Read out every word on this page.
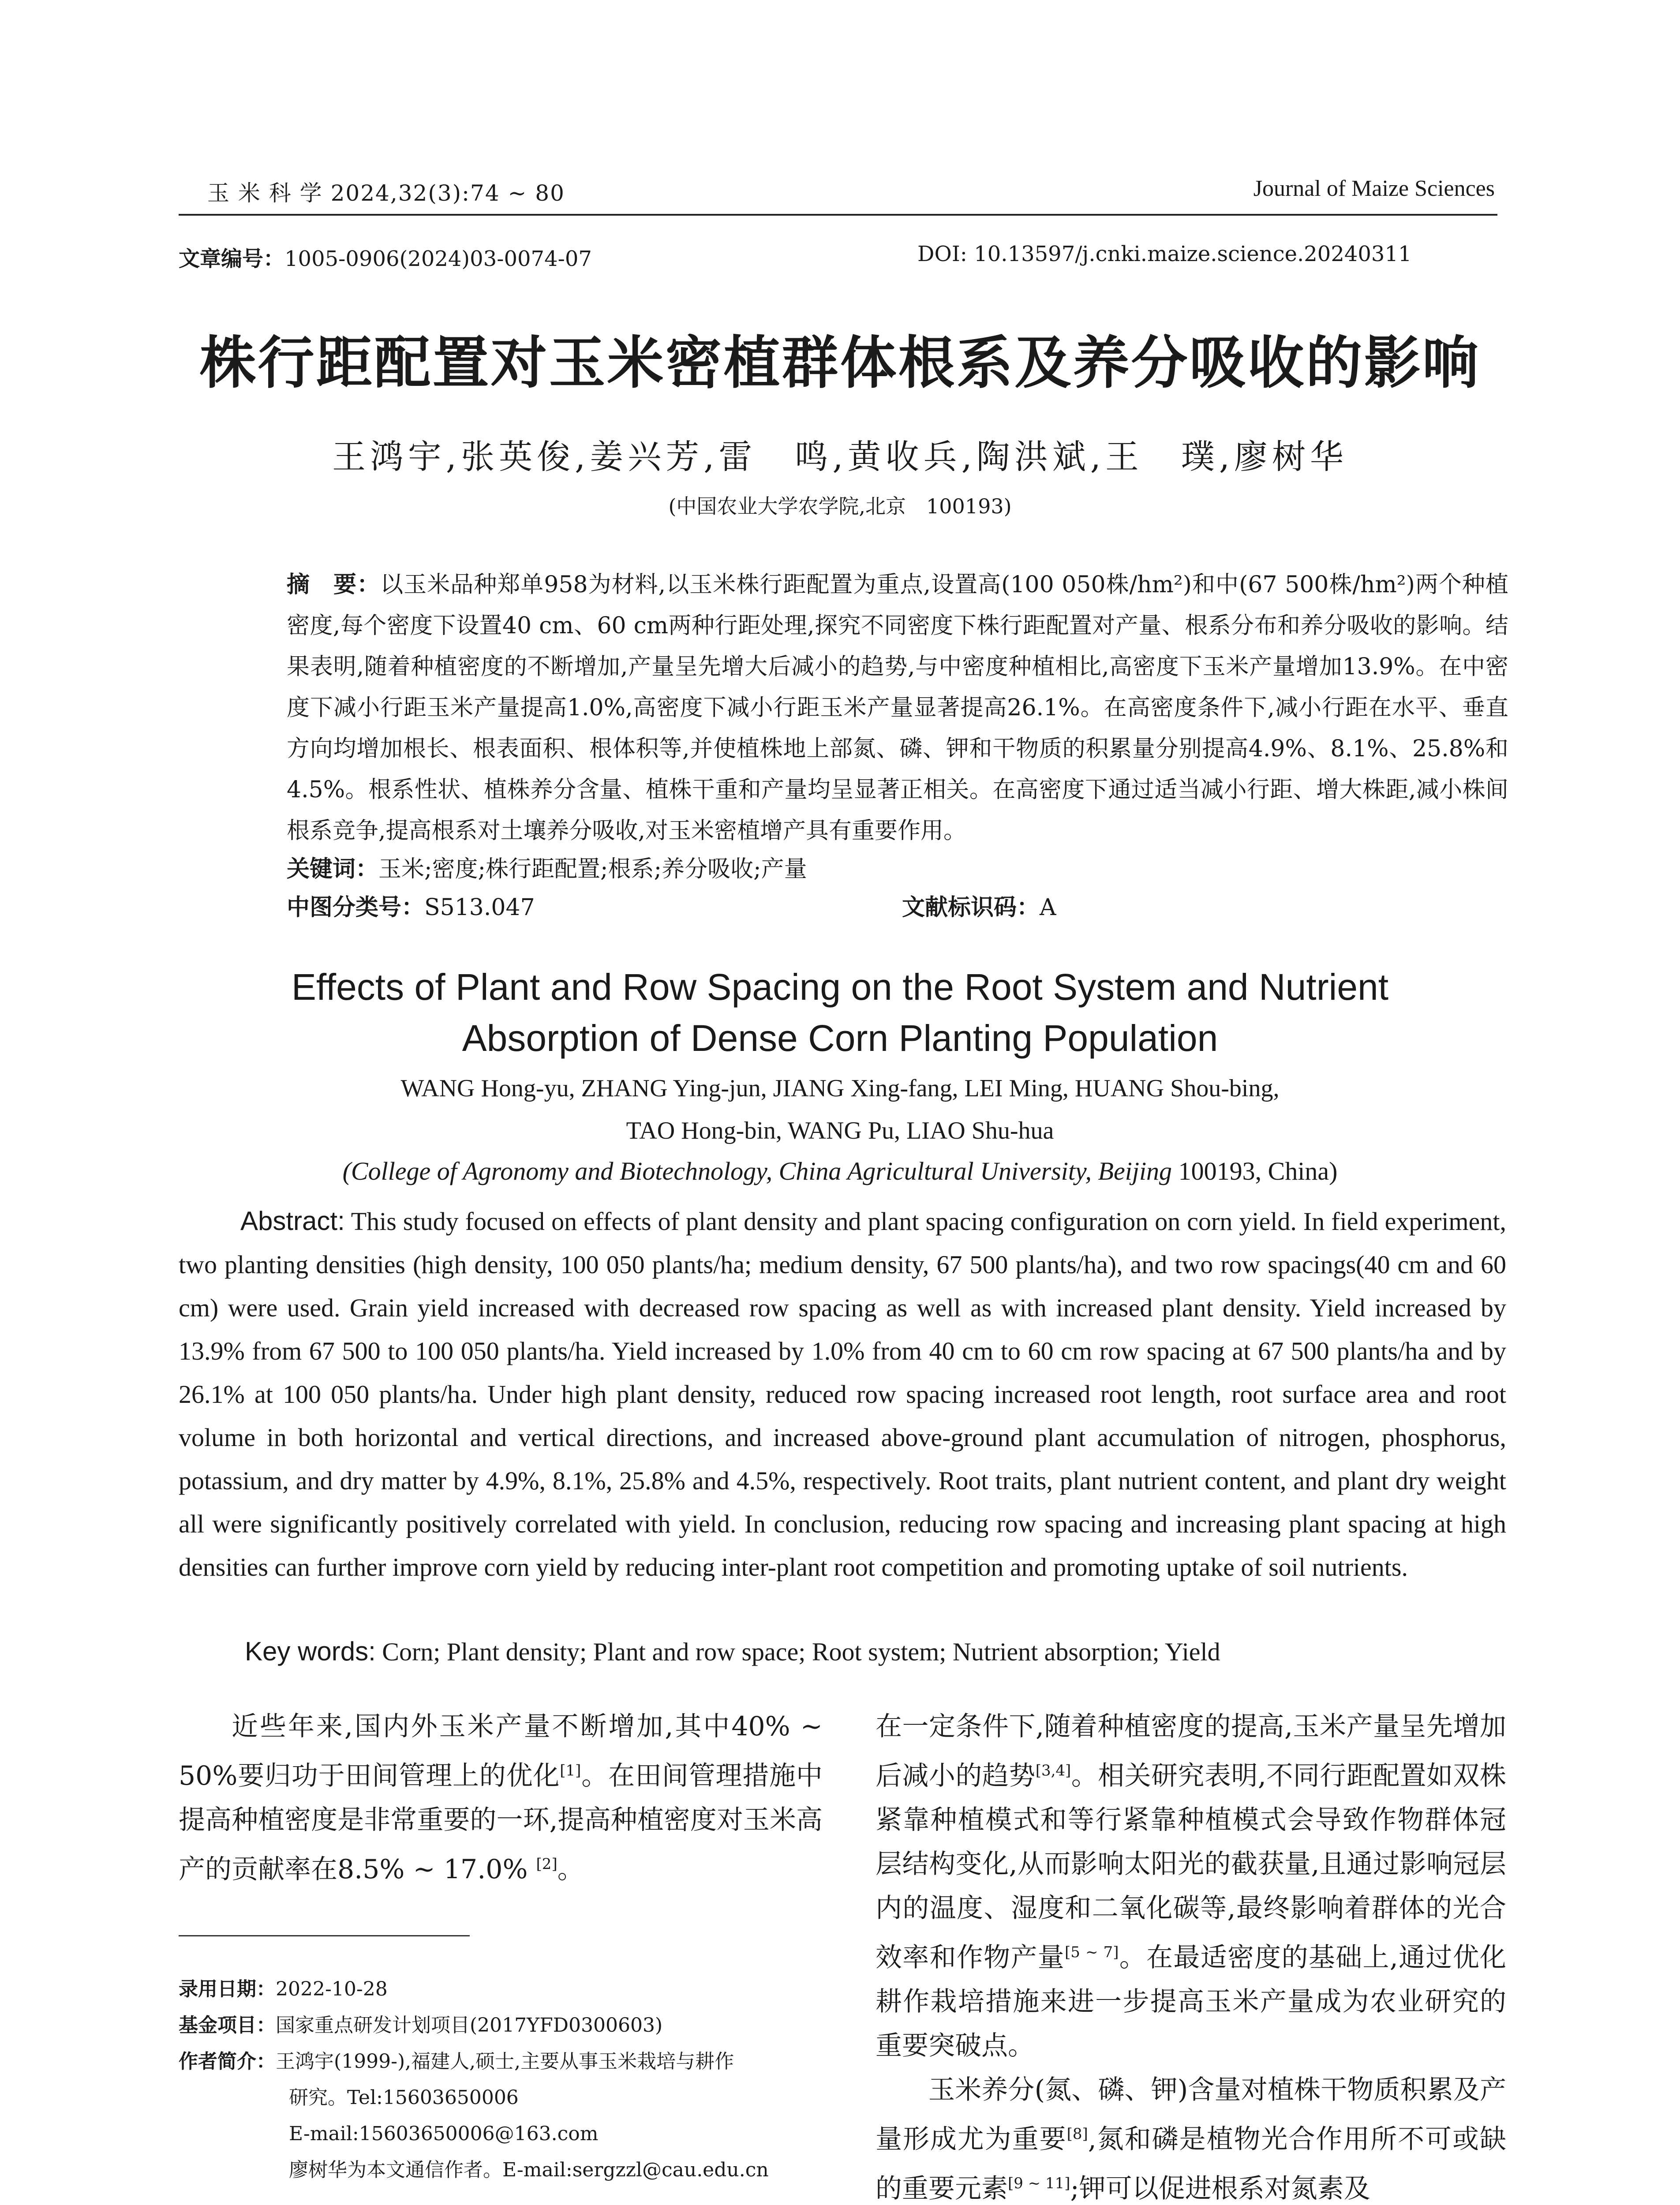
玉 米 科 学 2024,32(3):74 ~ 80	Journal of Maize Sciences
文章编号：1005-0906(2024)03-0074-07	DOI: 10.13597/j.cnki.maize.science.20240311
株行距配置对玉米密植群体根系及养分吸收的影响
王鸿宇,张英俊,姜兴芳,雷　鸣,黄收兵,陶洪斌,王　璞,廖树华
(中国农业大学农学院,北京　100193)
摘　要：以玉米品种郑单958为材料,以玉米株行距配置为重点,设置高(100 050株/hm²)和中(67 500株/hm²)两个种植密度,每个密度下设置40 cm、60 cm两种行距处理,探究不同密度下株行距配置对产量、根系分布和养分吸收的影响。结果表明,随着种植密度的不断增加,产量呈先增大后减小的趋势,与中密度种植相比,高密度下玉米产量增加13.9%。在中密度下减小行距玉米产量提高1.0%,高密度下减小行距玉米产量显著提高26.1%。在高密度条件下,减小行距在水平、垂直方向均增加根长、根表面积、根体积等,并使植株地上部氮、磷、钾和干物质的积累量分别提高4.9%、8.1%、25.8%和4.5%。根系性状、植株养分含量、植株干重和产量均呈显著正相关。在高密度下通过适当减小行距、增大株距,减小株间根系竞争,提高根系对土壤养分吸收,对玉米密植增产具有重要作用。
关键词：玉米;密度;株行距配置;根系;养分吸收;产量
中图分类号：S513.047	文献标识码：A
Effects of Plant and Row Spacing on the Root System and Nutrient
Absorption of Dense Corn Planting Population
WANG Hong-yu, ZHANG Ying-jun, JIANG Xing-fang, LEI Ming, HUANG Shou-bing,
TAO Hong-bin, WANG Pu, LIAO Shu-hua
(College of Agronomy and Biotechnology, China Agricultural University, Beijing 100193, China)
Abstract: This study focused on effects of plant density and plant spacing configuration on corn yield. In field experiment, two planting densities (high density, 100 050 plants/ha; medium density, 67 500 plants/ha), and two row spacings(40 cm and 60 cm) were used. Grain yield increased with decreased row spacing as well as with increased plant density. Yield increased by 13.9% from 67 500 to 100 050 plants/ha. Yield increased by 1.0% from 40 cm to 60 cm row spacing at 67 500 plants/ha and by 26.1% at 100 050 plants/ha. Under high plant density, reduced row spacing increased root length, root surface area and root volume in both horizontal and vertical directions, and increased above-ground plant accumulation of nitrogen, phosphorus, potassium, and dry matter by 4.9%, 8.1%, 25.8% and 4.5%, respectively. Root traits, plant nutrient content, and plant dry weight all were significantly positively correlated with yield. In conclusion, reducing row spacing and increasing plant spacing at high densities can further improve corn yield by reducing inter-plant root competition and promoting uptake of soil nutrients.
Key words: Corn; Plant density; Plant and row space; Root system; Nutrient absorption; Yield

近些年来,国内外玉米产量不断增加,其中40% ~ 50%要归功于田间管理上的优化[1]。在田间管理措施中提高种植密度是非常重要的一环,提高种植密度对玉米高产的贡献率在8.5% ~ 17.0% [2]。

在一定条件下,随着种植密度的提高,玉米产量呈先增加后减小的趋势[3,4]。相关研究表明,不同行距配置如双株紧靠种植模式和等行紧靠种植模式会导致作物群体冠层结构变化,从而影响太阳光的截获量,且通过影响冠层内的温度、湿度和二氧化碳等,最终影响着群体的光合效率和作物产量[5 ~ 7]。在最适密度的基础上,通过优化耕作栽培措施来进一步提高玉米产量成为农业研究的重要突破点。

玉米养分(氮、磷、钾)含量对植株干物质积累及产量形成尤为重要[8],氮和磷是植物光合作用所不可或缺的重要元素[9 ~ 11];钾可以促进根系对氮素及

录用日期： 2022-10-28
基金项目： 国家重点研发计划项目(2017YFD0300603)
作者简介： 王鸿宇(1999-),福建人,硕士,主要从事玉米栽培与耕作
研究。Tel:15603650006
E-mail:15603650006@163.com
廖树华为本文通信作者。E-mail:sergzzl@cau.edu.cn
